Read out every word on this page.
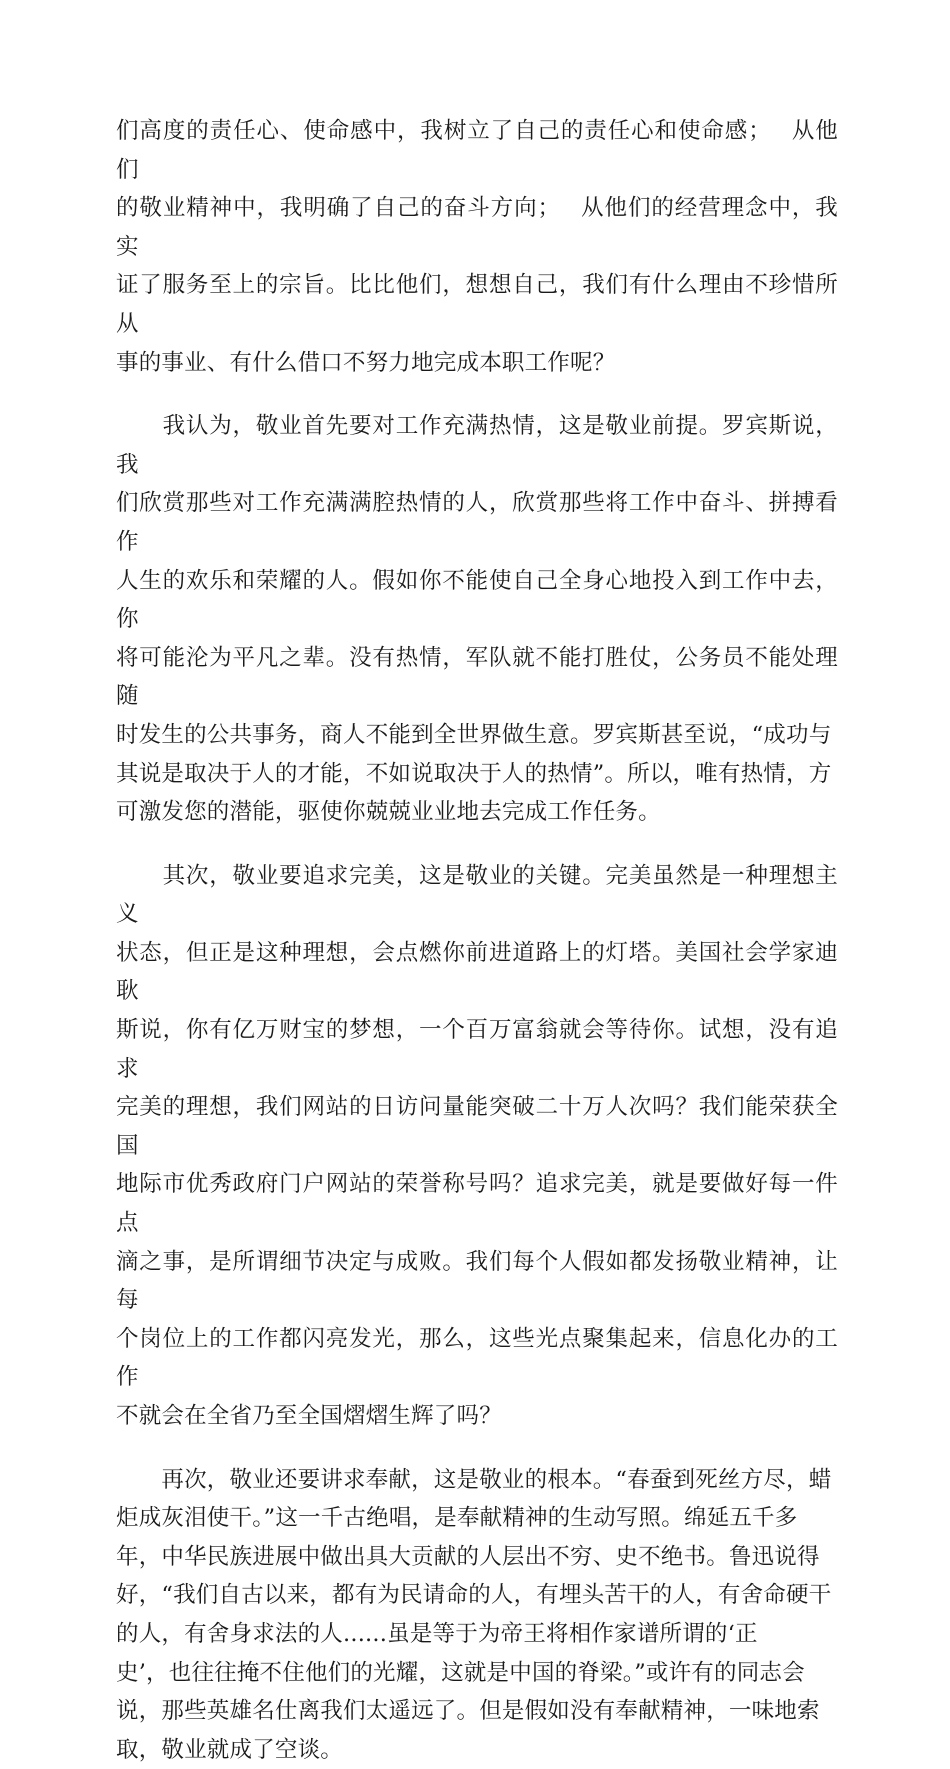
们高度的责任心、使命感中，我树立了自己的责任心和使命感；　 从他们
的敬业精神中，我明确了自己的奋斗方向；　 从他们的经营理念中，我实
证了服务至上的宗旨。比比他们，想想自己，我们有什么理由不珍惜所从
事的事业、有什么借口不努力地完成本职工作呢？
　　我认为，敬业首先要对工作充满热情，这是敬业前提。罗宾斯说，我
们欣赏那些对工作充满满腔热情的人，欣赏那些将工作中奋斗、拼搏看作
人生的欢乐和荣耀的人。假如你不能使自己全身心地投入到工作中去，你
将可能沦为平凡之辈。没有热情，军队就不能打胜仗，公务员不能处理随
时发生的公共事务，商人不能到全世界做生意。罗宾斯甚至说，“成功与
其说是取决于人的才能，不如说取决于人的热情”。所以，唯有热情，方
可激发您的潜能，驱使你兢兢业业地去完成工作任务。
　　其次，敬业要追求完美，这是敬业的关键。完美虽然是一种理想主义
状态，但正是这种理想，会点燃你前进道路上的灯塔。美国社会学家迪耿
斯说，你有亿万财宝的梦想，一个百万富翁就会等待你。试想，没有追求
完美的理想，我们网站的日访问量能突破二十万人次吗？我们能荣获全国
地际市优秀政府门户网站的荣誉称号吗？追求完美，就是要做好每一件点
滴之事，是所谓细节决定与成败。我们每个人假如都发扬敬业精神，让每
个岗位上的工作都闪亮发光，那么，这些光点聚集起来，信息化办的工作
不就会在全省乃至全国熠熠生辉了吗？
　　再次，敬业还要讲求奉献，这是敬业的根本。“春蚕到死丝方尽，蜡
炬成灰泪使干。”这一千古绝唱，是奉献精神的生动写照。绵延五千多
年，中华民族进展中做出具大贡献的人层出不穷、史不绝书。鲁迅说得
好，“我们自古以来，都有为民请命的人，有埋头苦干的人，有舍命硬干
的人，有舍身求法的人......虽是等于为帝王将相作家谱所谓的‘正
史’，也往往掩不住他们的光耀，这就是中国的脊梁。”或许有的同志会
说，那些英雄名仕离我们太遥远了。但是假如没有奉献精神，一味地索
取，敬业就成了空谈。
